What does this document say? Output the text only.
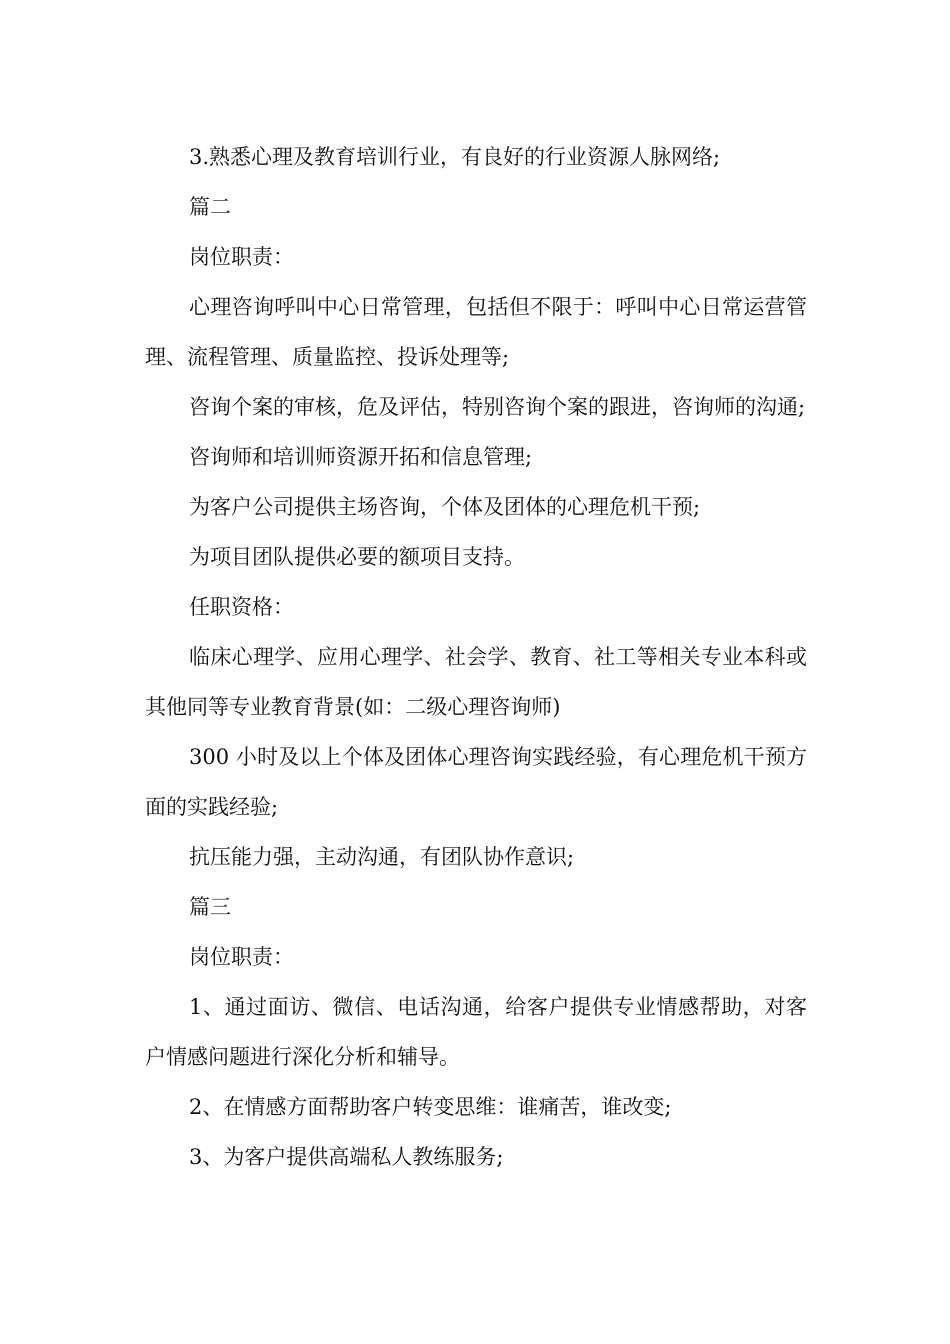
3.熟悉心理及教育培训行业，有良好的行业资源人脉网络;

篇二

岗位职责：

心理咨询呼叫中心日常管理，包括但不限于：呼叫中心日常运营管理、流程管理、质量监控、投诉处理等;

咨询个案的审核，危及评估，特别咨询个案的跟进，咨询师的沟通;

咨询师和培训师资源开拓和信息管理;

为客户公司提供主场咨询，个体及团体的心理危机干预;

为项目团队提供必要的额项目支持。

任职资格：

临床心理学、应用心理学、社会学、教育、社工等相关专业本科或其他同等专业教育背景(如：二级心理咨询师)

300 小时及以上个体及团体心理咨询实践经验，有心理危机干预方面的实践经验;

抗压能力强，主动沟通，有团队协作意识;

篇三

岗位职责：

1、通过面访、微信、电话沟通，给客户提供专业情感帮助，对客户情感问题进行深化分析和辅导。

2、在情感方面帮助客户转变思维：谁痛苦，谁改变;

3、为客户提供高端私人教练服务;
